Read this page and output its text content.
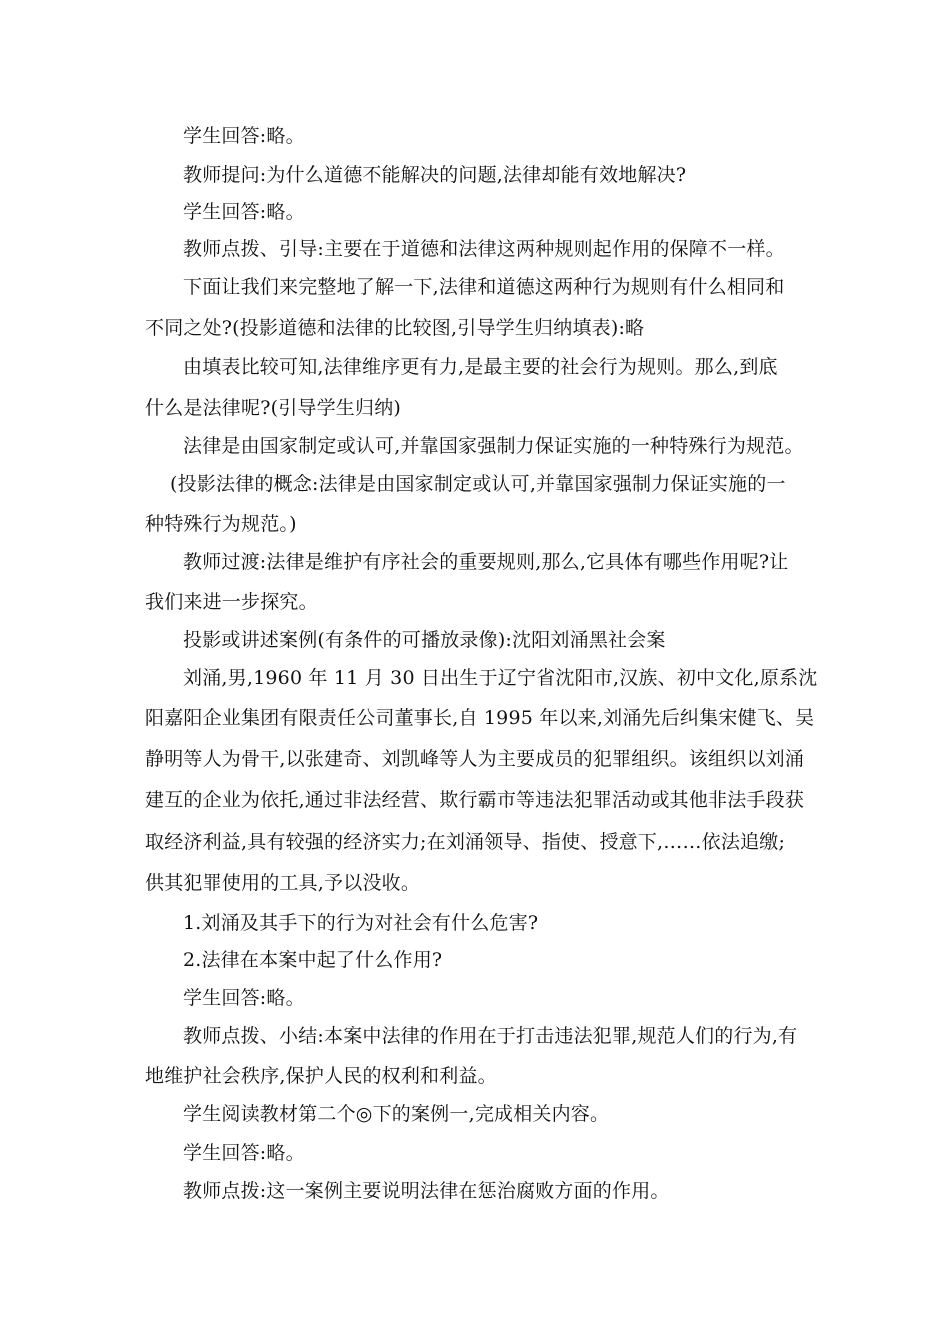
学生回答:略。
教师提问:为什么道德不能解决的问题,法律却能有效地解决?
学生回答:略。
教师点拨、引导:主要在于道德和法律这两种规则起作用的保障不一样。
下面让我们来完整地了解一下,法律和道德这两种行为规则有什么相同和
不同之处?(投影道德和法律的比较图,引导学生归纳填表):略
由填表比较可知,法律维序更有力,是最主要的社会行为规则。那么,到底
什么是法律呢?(引导学生归纳)
法律是由国家制定或认可,并靠国家强制力保证实施的一种特殊行为规范。
(投影法律的概念:法律是由国家制定或认可,并靠国家强制力保证实施的一
种特殊行为规范。)
教师过渡:法律是维护有序社会的重要规则,那么,它具体有哪些作用呢?让
我们来进一步探究。
投影或讲述案例(有条件的可播放录像):沈阳刘涌黑社会案
刘涌,男,1960 年 11 月 30 日出生于辽宁省沈阳市,汉族、初中文化,原系沈
阳嘉阳企业集团有限责任公司董事长,自 1995 年以来,刘涌先后纠集宋健飞、吴
静明等人为骨干,以张建奇、刘凯峰等人为主要成员的犯罪组织。该组织以刘涌
建互的企业为依托,通过非法经营、欺行霸市等违法犯罪活动或其他非法手段获
取经济利益,具有较强的经济实力;在刘涌领导、指使、授意下,……依法追缴;
供其犯罪使用的工具,予以没收。
1.刘涌及其手下的行为对社会有什么危害?
2.法律在本案中起了什么作用?
学生回答:略。
教师点拨、小结:本案中法律的作用在于打击违法犯罪,规范人们的行为,有
地维护社会秩序,保护人民的权利和利益。
学生阅读教材第二个◎下的案例一,完成相关内容。
学生回答:略。
教师点拨:这一案例主要说明法律在惩治腐败方面的作用。
